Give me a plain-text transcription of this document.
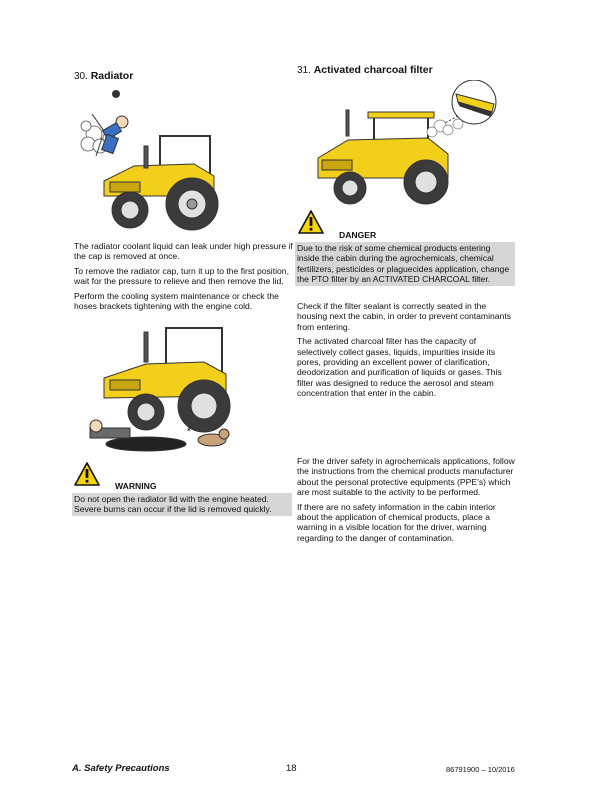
30. Radiator

The radiator coolant liquid can leak under high pressure if the cap is removed at once.

To remove the radiator cap, turn it up to the first position, wait for the pressure to relieve and then remove the lid.

Perform the cooling system maintenance or check the hoses brackets tightening with the engine cold.

✶
WARNING
Do not open the radiator lid with the engine heated. Severe burns can occur if the lid is removed quickly.
31. Activated charcoal filter
DANGER
Due to the risk of some chemical products entering inside the cabin during the agrochemicals, chemical fertilizers, pesticides or plaguecides application, change the PTO filter by an ACTIVATED CHARCOAL filter.

Check if the filter sealant is correctly seated in the housing next the cabin, in order to prevent contaminants from entering.

The activated charcoal filter has the capacity of selectively collect gases, liquids, impurities inside its pores, providing an excellent power of clarification, deodorization and purification of liquids or gases. This filter was designed to reduce the aerosol and steam concentration that enter in the cabin.

For the driver safety in agrochemicals applications, follow the instructions from the chemical products manufacturer about the personal protective equipments (PPE’s) which are most suitable to the activity to be performed.

If there are no safety information in the cabin interior about the application of chemical products, place a warning in a visible location for the driver, warning regarding to the danger of contamination.

A. Safety Precautions	18	86791900 – 10/2016
